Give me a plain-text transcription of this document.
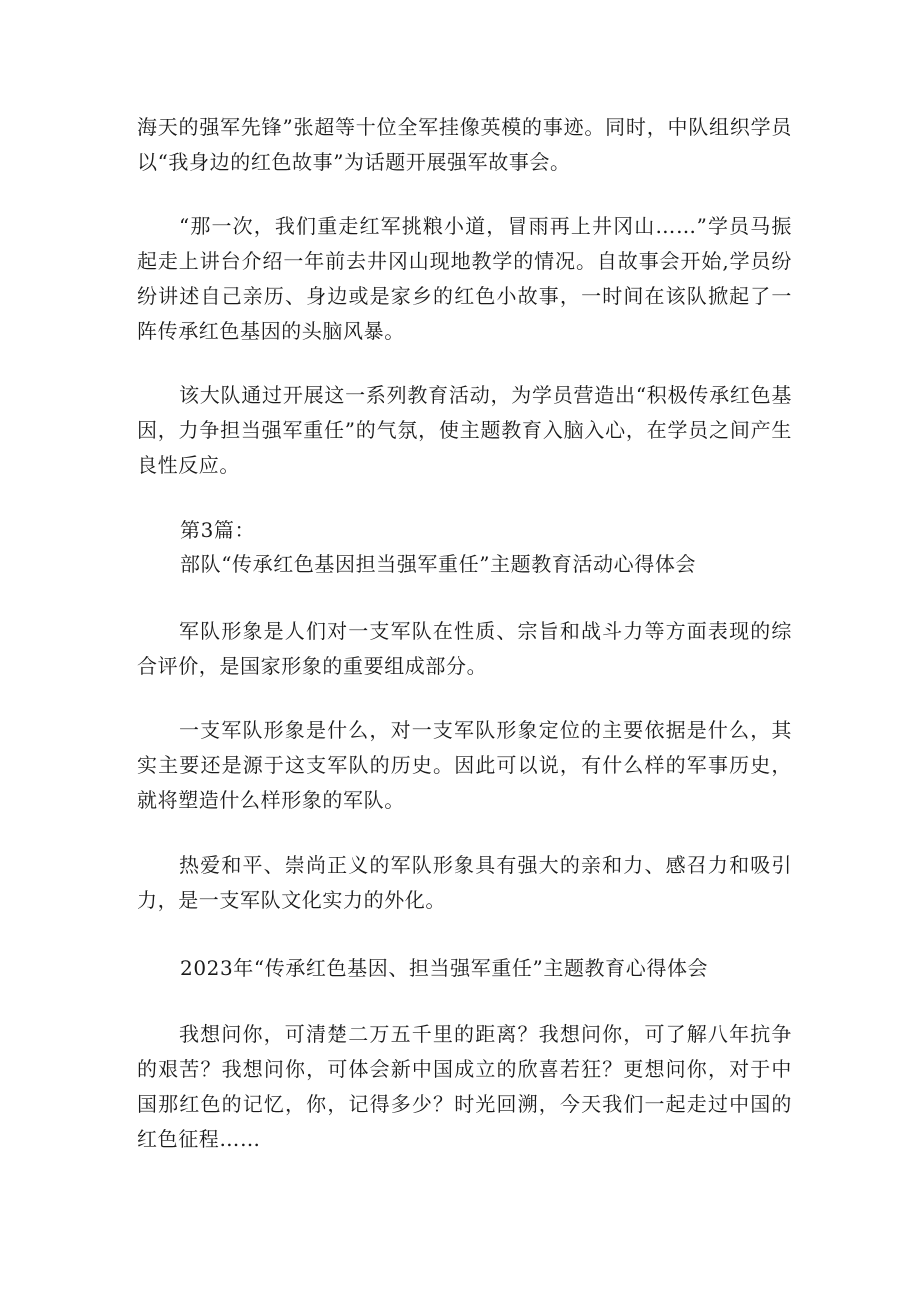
海天的强军先锋”张超等十位全军挂像英模的事迹。同时，中队组织学员以“我身边的红色故事”为话题开展强军故事会。

“那一次，我们重走红军挑粮小道，冒雨再上井冈山……”学员马振起走上讲台介绍一年前去井冈山现地教学的情况。自故事会开始,学员纷纷讲述自己亲历、身边或是家乡的红色小故事，一时间在该队掀起了一阵传承红色基因的头脑风暴。

该大队通过开展这一系列教育活动，为学员营造出“积极传承红色基因，力争担当强军重任”的气氛，使主题教育入脑入心，在学员之间产生良性反应。

第3篇：

部队“传承红色基因担当强军重任”主题教育活动心得体会

军队形象是人们对一支军队在性质、宗旨和战斗力等方面表现的综合评价，是国家形象的重要组成部分。

一支军队形象是什么，对一支军队形象定位的主要依据是什么，其实主要还是源于这支军队的历史。因此可以说，有什么样的军事历史，就将塑造什么样形象的军队。

热爱和平、崇尚正义的军队形象具有强大的亲和力、感召力和吸引力，是一支军队文化实力的外化。

2023年“传承红色基因、担当强军重任”主题教育心得体会

我想问你，可清楚二万五千里的距离？我想问你，可了解八年抗争的艰苦？我想问你，可体会新中国成立的欣喜若狂？更想问你，对于中国那红色的记忆，你，记得多少？时光回溯，今天我们一起走过中国的红色征程……
